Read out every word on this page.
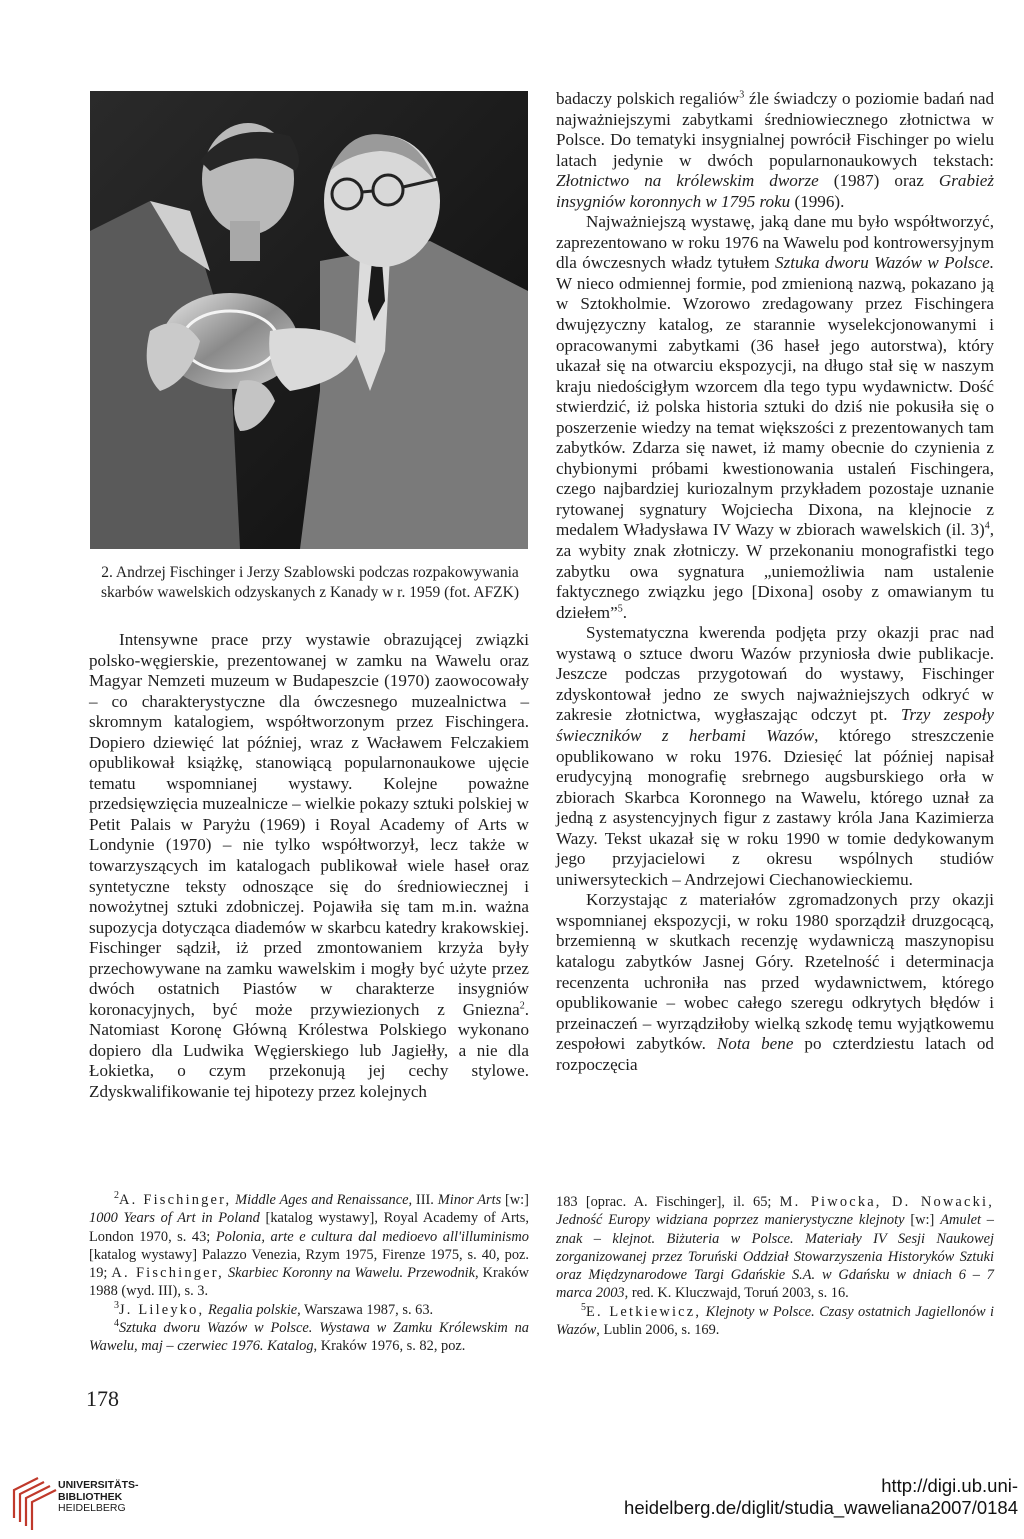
2. Andrzej Fischinger i Jerzy Szablowski podczas rozpakowywania skarbów wawelskich odzyskanych z Kanady w r. 1959 (fot. AFZK)

Intensywne prace przy wystawie obrazującej związki polsko-węgierskie, prezentowanej w zamku na Wawelu oraz Magyar Nemzeti muzeum w Budapeszcie (1970) zaowocowały – co charakterystyczne dla ówczesnego muzealnictwa – skromnym katalogiem, współtworzonym przez Fischingera. Dopiero dziewięć lat później, wraz z Wacławem Felczakiem opublikował książkę, stanowiącą popularnonaukowe ujęcie tematu wspomnianej wystawy. Kolejne poważne przedsięwzięcia muzealnicze – wielkie pokazy sztuki polskiej w Petit Palais w Paryżu (1969) i Royal Academy of Arts w Londynie (1970) – nie tylko współtworzył, lecz także w towarzyszących im katalogach publikował wiele haseł oraz syntetyczne teksty odnoszące się do średniowiecznej i nowożytnej sztuki zdobniczej. Pojawiła się tam m.in. ważna supozycja dotycząca diademów w skarbcu katedry krakowskiej. Fischinger sądził, iż przed zmontowaniem krzyża były przechowywane na zamku wawelskim i mogły być użyte przez dwóch ostatnich Piastów w charakterze insygniów koronacyjnych, być może przywiezionych z Gniezna$^2$. Natomiast Koronę Główną Królestwa Polskiego wykonano dopiero dla Ludwika Węgierskiego lub Jagiełły, a nie dla Łokietka, o czym przekonują jej cechy stylowe. Zdyskwalifikowanie tej hipotezy przez kolejnych

badaczy polskich regaliów$^3$ źle świadczy o poziomie badań nad najważniejszymi zabytkami średniowiecznego złotnictwa w Polsce. Do tematyki insygnialnej powrócił Fischinger po wielu latach jedynie w dwóch popularnonaukowych tekstach: Złotnictwo na królewskim dworze (1987) oraz Grabież insygniów koronnych w 1795 roku (1996).

Najważniejszą wystawę, jaką dane mu było współtworzyć, zaprezentowano w roku 1976 na Wawelu pod kontrowersyjnym dla ówczesnych władz tytułem Sztuka dworu Wazów w Polsce. W nieco odmiennej formie, pod zmienioną nazwą, pokazano ją w Sztokholmie. Wzorowo zredagowany przez Fischingera dwujęzyczny katalog, ze starannie wyselekcjonowanymi i opracowanymi zabytkami (36 haseł jego autorstwa), który ukazał się na otwarciu ekspozycji, na długo stał się w naszym kraju niedościgłym wzorcem dla tego typu wydawnictw. Dość stwierdzić, iż polska historia sztuki do dziś nie pokusiła się o poszerzenie wiedzy na temat większości z prezentowanych tam zabytków. Zdarza się nawet, iż mamy obecnie do czynienia z chybionymi próbami kwestionowania ustaleń Fischingera, czego najbardziej kuriozalnym przykładem pozostaje uznanie rytowanej sygnatury Wojciecha Dixona, na klejnocie z medalem Władysława IV Wazy w zbiorach wawelskich (il. 3)$^4$, za wybity znak złotniczy. W przekonaniu monografistki tego zabytku owa sygnatura „uniemożliwia nam ustalenie faktycznego związku jego [Dixona] osoby z omawianym tu dziełem”$^5$.

Systematyczna kwerenda podjęta przy okazji prac nad wystawą o sztuce dworu Wazów przyniosła dwie publikacje. Jeszcze podczas przygotowań do wystawy, Fischinger zdyskontował jedno ze swych najważniejszych odkryć w zakresie złotnictwa, wygłaszając odczyt pt. Trzy zespoły świeczników z herbami Wazów, którego streszczenie opublikowano w roku 1976. Dziesięć lat później napisał erudycyjną monografię srebrnego augsburskiego orła w zbiorach Skarbca Koronnego na Wawelu, którego uznał za jedną z asystencyjnych figur z zastawy króla Jana Kazimierza Wazy. Tekst ukazał się w roku 1990 w tomie dedykowanym jego przyjacielowi z okresu wspólnych studiów uniwersyteckich – Andrzejowi Ciechanowieckiemu.

Korzystając z materiałów zgromadzonych przy okazji wspomnianej ekspozycji, w roku 1980 sporządził druzgocącą, brzemienną w skutkach recenzję wydawniczą maszynopisu katalogu zabytków Jasnej Góry. Rzetelność i determinacja recenzenta uchroniła nas przed wydawnictwem, którego opublikowanie – wobec całego szeregu odkrytych błędów i przeinaczeń – wyrządziłoby wielką szkodę temu wyjątkowemu zespołowi zabytków. Nota bene po czterdziestu latach od rozpoczęcia

$^2$A. Fischinger, Middle Ages and Renaissance, III. Minor Arts [w:] 1000 Years of Art in Poland [katalog wystawy], Royal Academy of Arts, London 1970, s. 43; Polonia, arte e cultura dal medioevo all'illuminismo [katalog wystawy] Palazzo Venezia, Rzym 1975, Firenze 1975, s. 40, poz. 19; A. Fischinger, Skarbiec Koronny na Wawelu. Przewodnik, Kraków 1988 (wyd. III), s. 3.

$^3$J. Lileyko, Regalia polskie, Warszawa 1987, s. 63.

$^4$Sztuka dworu Wazów w Polsce. Wystawa w Zamku Królewskim na Wawelu, maj – czerwiec 1976. Katalog, Kraków 1976, s. 82, poz.

183 [oprac. A. Fischinger], il. 65; M. Piwocka, D. Nowacki, Jedność Europy widziana poprzez manierystyczne klejnoty [w:] Amulet – znak – klejnot. Biżuteria w Polsce. Materiały IV Sesji Naukowej zorganizowanej przez Toruński Oddział Stowarzyszenia Historyków Sztuki oraz Międzynarodowe Targi Gdańskie S.A. w Gdańsku w dniach 6 – 7 marca 2003, red. K. Kluczwajd, Toruń 2003, s. 16.

$^5$E. Letkiewicz, Klejnoty w Polsce. Czasy ostatnich Jagiellonów i Wazów, Lublin 2006, s. 169.

178
UNIVERSITÄTS-
BIBLIOTHEK
HEIDELBERG
http://digi.ub.uni-heidelberg.de/diglit/studia_waweliana2007/0184
